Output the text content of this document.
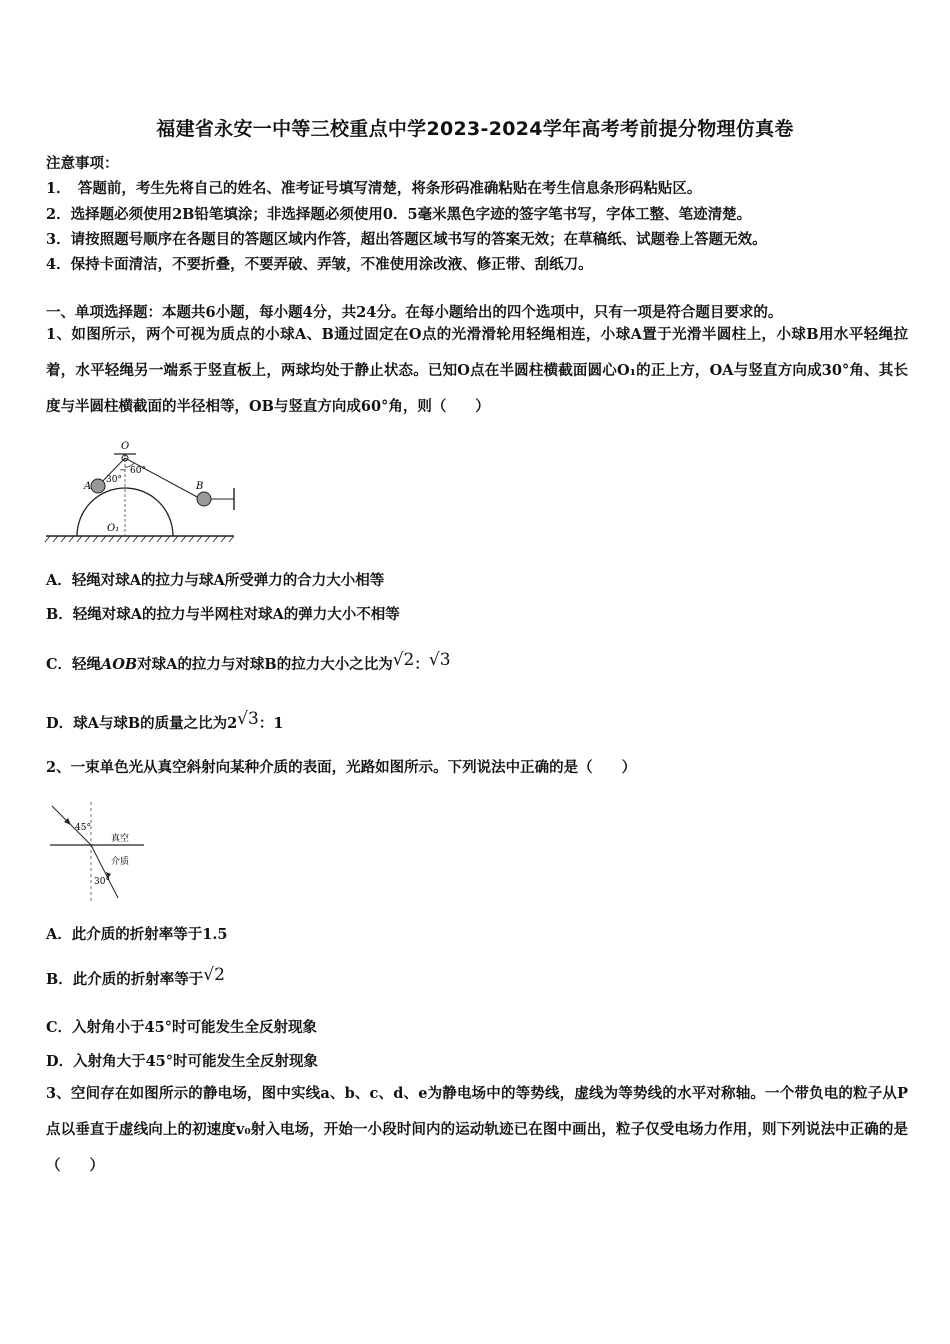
福建省永安一中等三校重点中学2023-2024学年高考考前提分物理仿真卷
注意事项：
1．　答题前，考生先将自己的姓名、准考证号填写清楚，将条形码准确粘贴在考生信息条形码粘贴区。
2．选择题必须使用2B铅笔填涂；非选择题必须使用0．5毫米黑色字迹的签字笔书写，字体工整、笔迹清楚。
3．请按照题号顺序在各题目的答题区域内作答，超出答题区域书写的答案无效；在草稿纸、试题卷上答题无效。
4．保持卡面清洁，不要折叠，不要弄破、弄皱，不准使用涂改液、修正带、刮纸刀。
一、单项选择题：本题共6小题，每小题4分，共24分。在每小题给出的四个选项中，只有一项是符合题目要求的。
1、如图所示，两个可视为质点的小球A、B通过固定在O点的光滑滑轮用轻绳相连，小球A置于光滑半圆柱上，小球B用水平轻绳拉着，水平轻绳另一端系于竖直板上，两球均处于静止状态。已知O点在半圆柱横截面圆心O₁的正上方，OA与竖直方向成30°角、其长度与半圆柱横截面的半径相等，OB与竖直方向成60°角，则（　　）
O
A	B
O₁
30°
60°
A．轻绳对球A的拉力与球A所受弹力的合力大小相等
B．轻绳对球A的拉力与半网柱对球A的弹力大小不相等
C．轻绳AOB对球A的拉力与对球B的拉力大小之比为√2：√3
D．球A与球B的质量之比为2√3：1
2、一束单色光从真空斜射向某种介质的表面，光路如图所示。下列说法中正确的是（　　）
45°
30°
真空
介质
A．此介质的折射率等于1.5
B．此介质的折射率等于√2
C．入射角小于45°时可能发生全反射现象
D．入射角大于45°时可能发生全反射现象
3、空间存在如图所示的静电场，图中实线a、b、c、d、e为静电场中的等势线，虚线为等势线的水平对称轴。一个带负电的粒子从P点以垂直于虚线向上的初速度v₀射入电场，开始一小段时间内的运动轨迹已在图中画出，粒子仅受电场力作用，则下列说法中正确的是（　　）
